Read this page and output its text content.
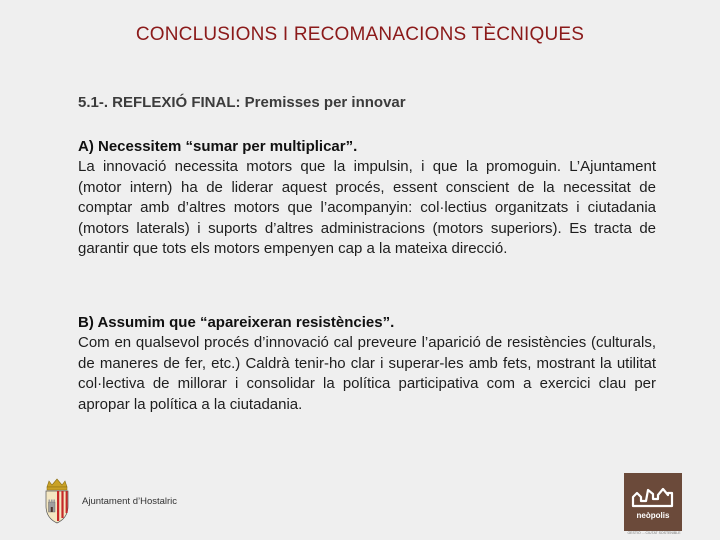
CONCLUSIONS I RECOMANACIONS TÈCNIQUES
5.1-. REFLEXIÓ FINAL: Premisses per innovar
A) Necessitem “sumar per multiplicar”.
La innovació necessita motors que la impulsin, i que la promoguin. L’Ajuntament (motor intern) ha de liderar aquest procés, essent conscient de la necessitat de comptar amb d’altres motors que l’acompanyin: col·lectius organitzats i ciutadania (motors laterals) i suports d’altres administracions (motors superiors). Es tracta de garantir que tots els motors empenyen cap a la mateixa direcció.
B) Assumim que “apareixeran resistències”.
Com en qualsevol procés d’innovació cal preveure l’aparició de resistències (culturals, de maneres de fer, etc.) Caldrà tenir-ho clar i superar-les amb fets, mostrant la utilitat col·lectiva de millorar i consolidar la política participativa com a exercici clau per apropar la política a la ciutadania.
Ajuntament d’Hostalric
neòpolis
GESTIÓ ... CIUTAT SOSTENIBLE
